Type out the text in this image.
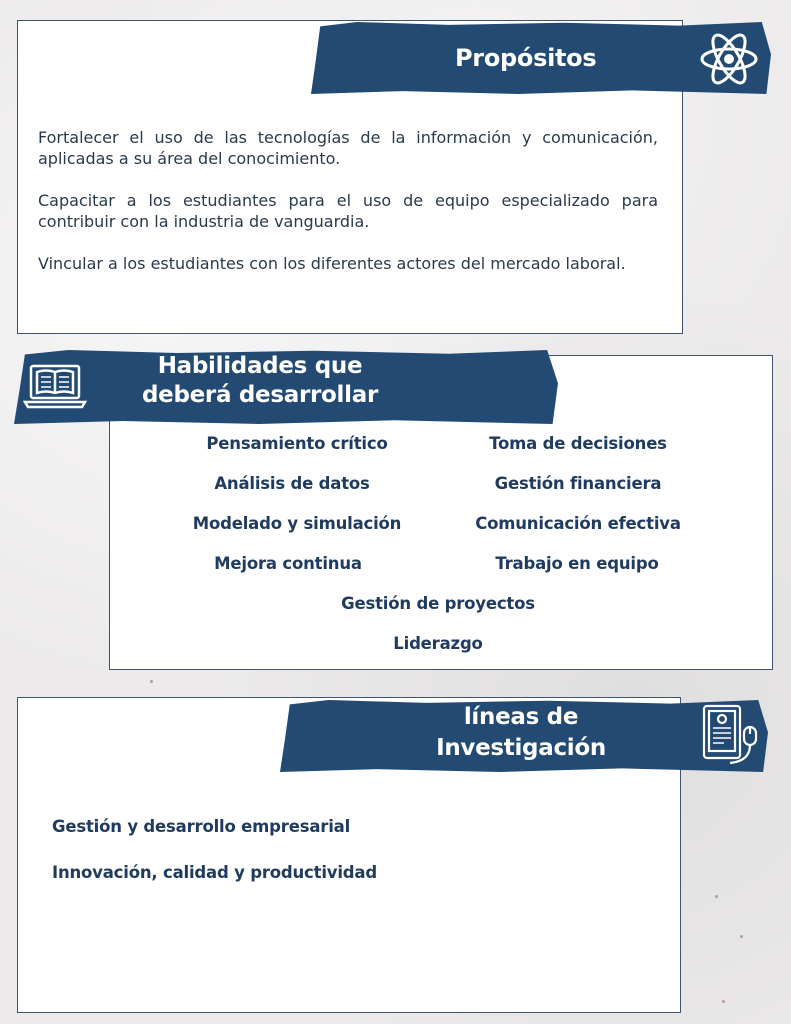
Propósitos

Fortalecer el uso de las tecnologías de la información y comunicación, aplicadas a su área del conocimiento.

Capacitar a los estudiantes para el uso de equipo especializado para contribuir con la industria de vanguardia.

Vincular a los estudiantes con los diferentes actores del mercado laboral.

Habilidades que
deberá desarrollar
Pensamiento crítico	Toma de decisiones
Análisis de datos	Gestión financiera
Modelado y simulación	Comunicación efectiva
Mejora continua	Trabajo en equipo
Gestión de proyectos
Liderazgo
líneas de
Investigación
Gestión y desarrollo empresarial
Innovación, calidad y productividad
